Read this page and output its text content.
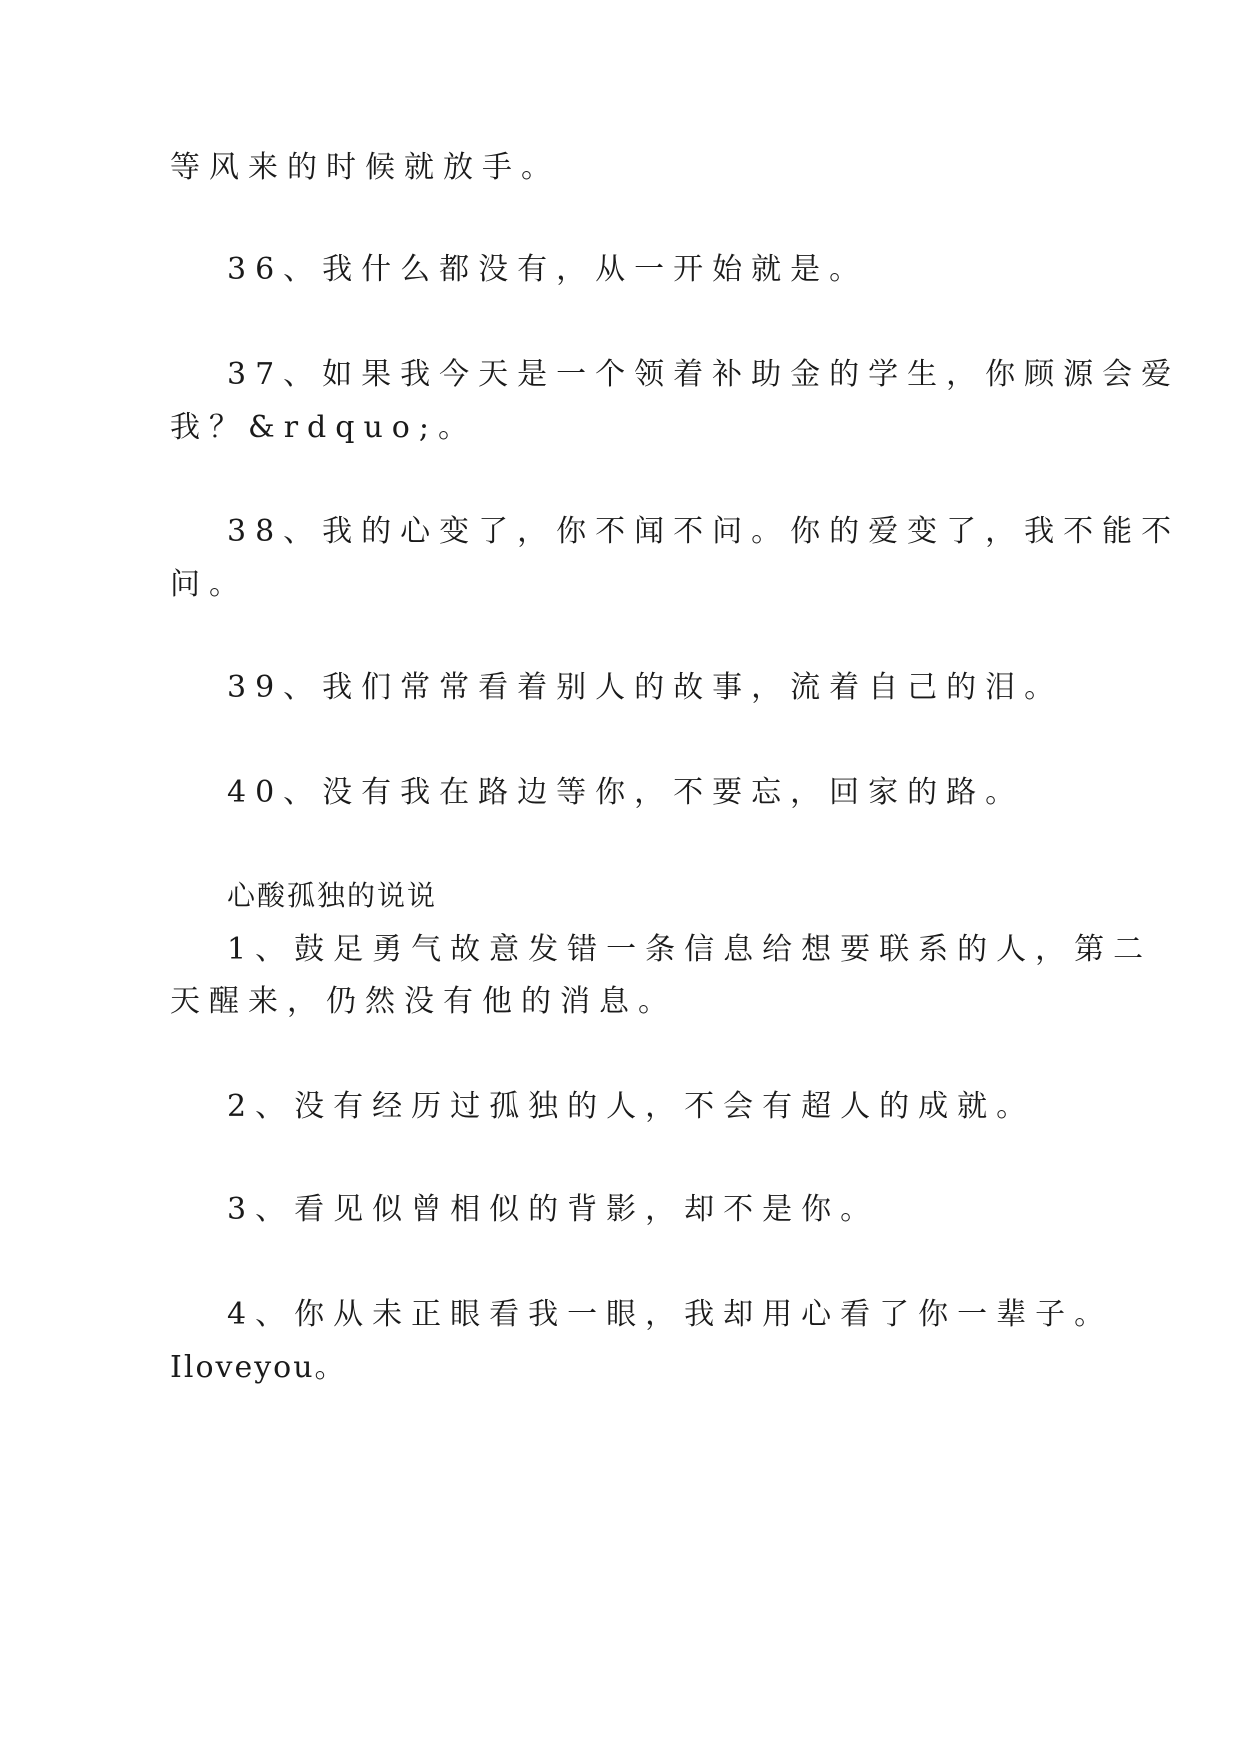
等风来的时候就放手。
36、我什么都没有，从一开始就是。
37、如果我今天是一个领着补助金的学生，你顾源会爱
我？&rdquo;。
38、我的心变了，你不闻不问。你的爱变了，我不能不
问。
39、我们常常看着别人的故事，流着自己的泪。
40、没有我在路边等你，不要忘，回家的路。
心酸孤独的说说
1、鼓足勇气故意发错一条信息给想要联系的人，第二
天醒来，仍然没有他的消息。
2、没有经历过孤独的人，不会有超人的成就。
3、看见似曾相似的背影，却不是你。
4、你从未正眼看我一眼，我却用心看了你一辈子。
Iloveyou。
